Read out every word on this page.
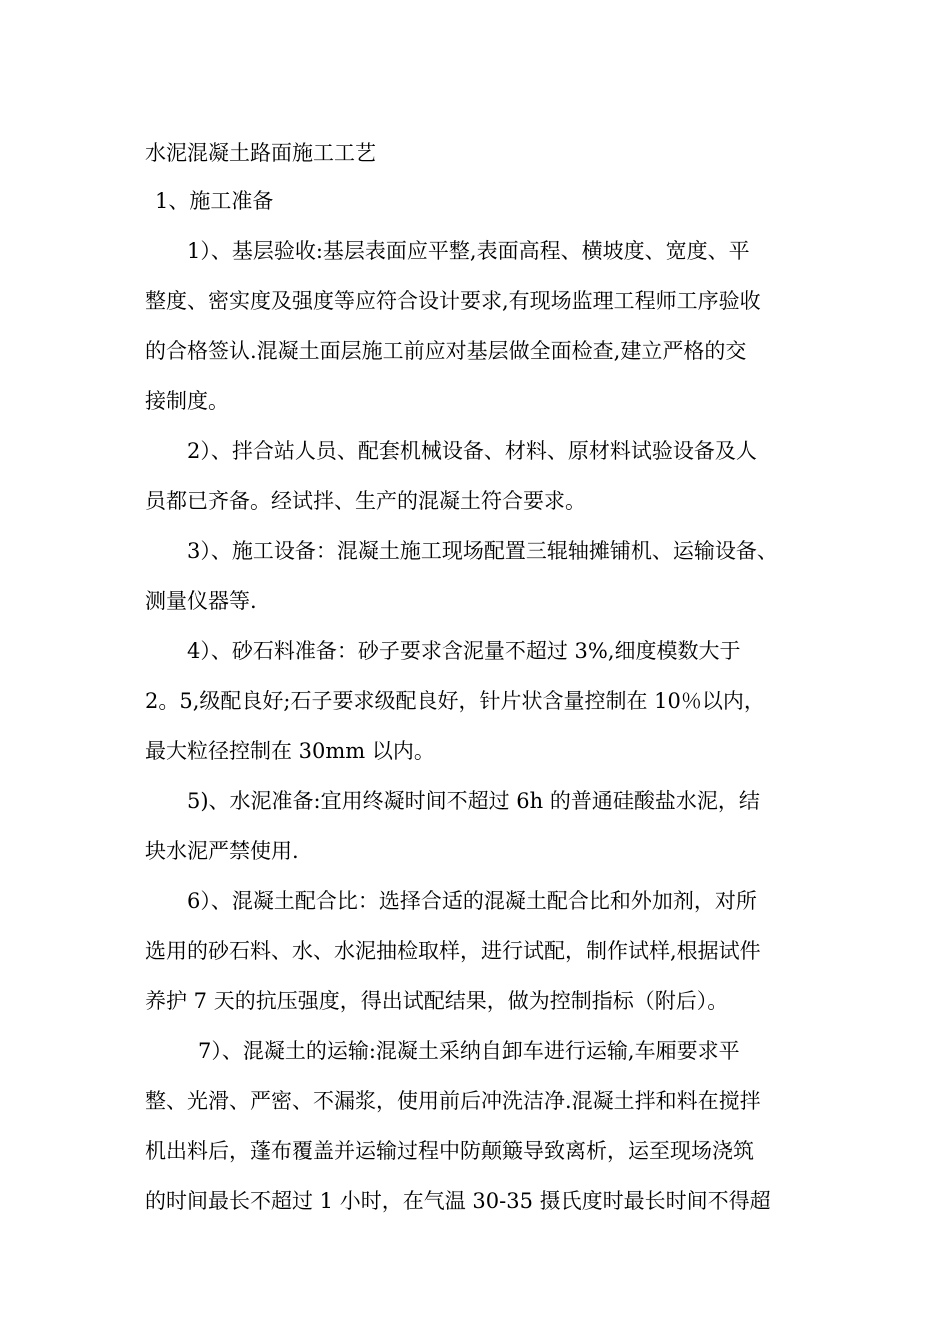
水泥混凝土路面施工工艺
1、施工准备
1）、基层验收:基层表面应平整,表面高程、横坡度、宽度、平
整度、密实度及强度等应符合设计要求,有现场监理工程师工序验收
的合格签认.混凝土面层施工前应对基层做全面检查,建立严格的交
接制度。
2）、拌合站人员、配套机械设备、材料、原材料试验设备及人
员都已齐备。经试拌、生产的混凝土符合要求。
3）、施工设备：混凝土施工现场配置三辊轴摊铺机、运输设备、
测量仪器等.
4）、砂石料准备：砂子要求含泥量不超过 3%,细度模数大于
2。5,级配良好;石子要求级配良好，针片状含量控制在 10％以内，
最大粒径控制在 30mm 以内。
5)、水泥准备:宜用终凝时间不超过 6h 的普通硅酸盐水泥，结
块水泥严禁使用.
6）、混凝土配合比：选择合适的混凝土配合比和外加剂，对所
选用的砂石料、水、水泥抽检取样，进行试配，制作试样,根据试件
养护 7 天的抗压强度，得出试配结果，做为控制指标（附后）。
7）、混凝土的运输:混凝土采纳自卸车进行运输,车厢要求平
整、光滑、严密、不漏浆，使用前后冲洗洁净.混凝土拌和料在搅拌
机出料后，蓬布覆盖并运输过程中防颠簸导致离析，运至现场浇筑
的时间最长不超过 1 小时，在气温 30-35 摄氏度时最长时间不得超
